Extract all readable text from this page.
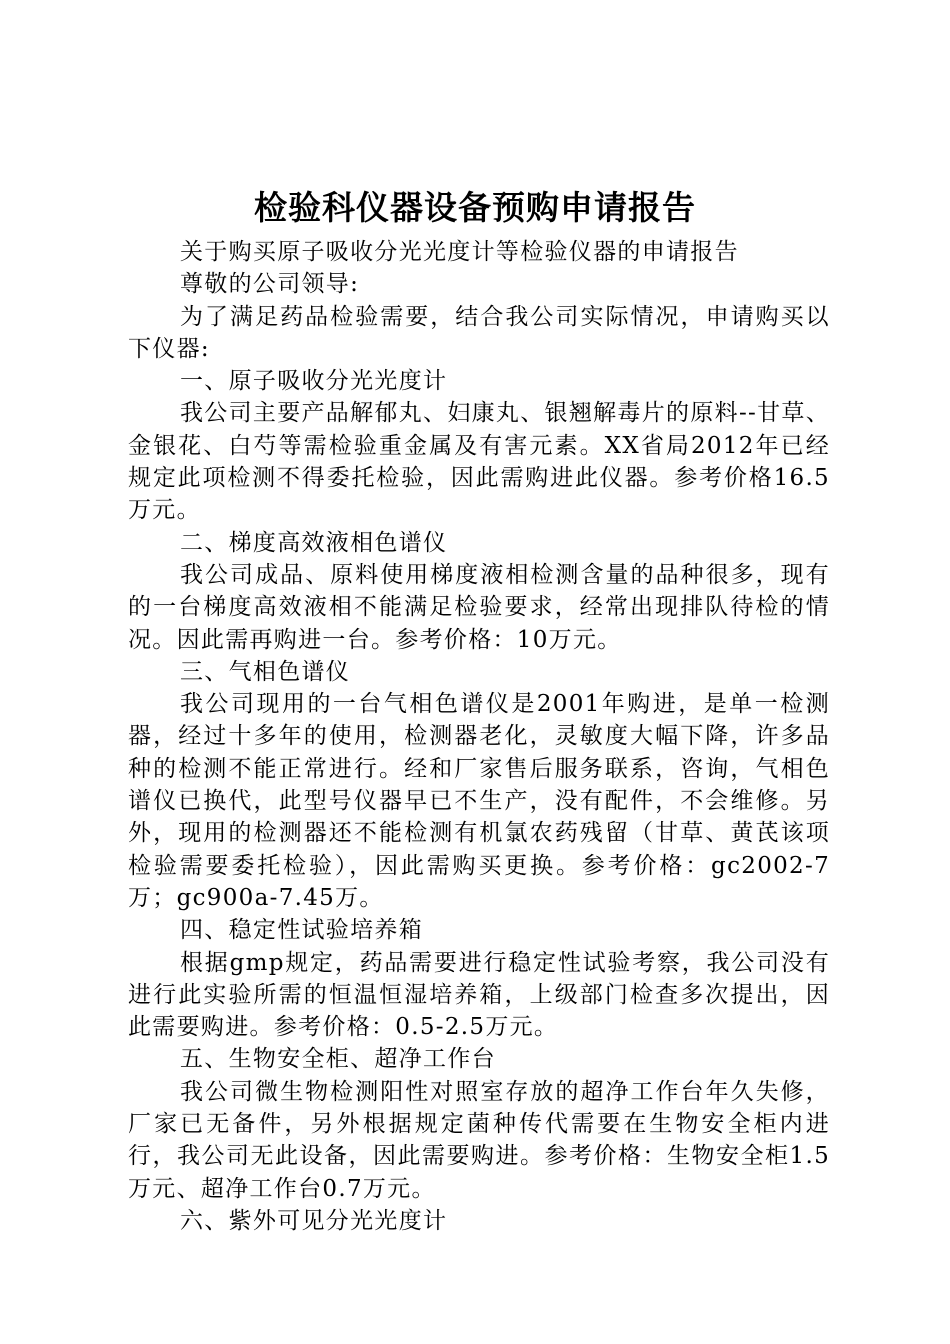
检验科仪器设备预购申请报告

关于购买原子吸收分光光度计等检验仪器的申请报告

尊敬的公司领导:

为了满足药品检验需要，结合我公司实际情况，申请购买以下仪器:

一、原子吸收分光光度计

我公司主要产品解郁丸、妇康丸、银翘解毒片的原料--甘草、金银花、白芍等需检验重金属及有害元素。XX省局2012年已经规定此项检测不得委托检验，因此需购进此仪器。参考价格16.5万元。

二、梯度高效液相色谱仪

我公司成品、原料使用梯度液相检测含量的品种很多，现有的一台梯度高效液相不能满足检验要求，经常出现排队待检的情况。因此需再购进一台。参考价格：10万元。

三、气相色谱仪

我公司现用的一台气相色谱仪是2001年购进，是单一检测器，经过十多年的使用，检测器老化，灵敏度大幅下降，许多品种的检测不能正常进行。经和厂家售后服务联系，咨询，气相色谱仪已换代，此型号仪器早已不生产，没有配件，不会维修。另外，现用的检测器还不能检测有机氯农药残留（甘草、黄芪该项检验需要委托检验），因此需购买更换。参考价格：gc2002-7万；gc900a-7.45万。

四、稳定性试验培养箱

根据gmp规定，药品需要进行稳定性试验考察，我公司没有进行此实验所需的恒温恒湿培养箱，上级部门检查多次提出，因此需要购进。参考价格：0.5-2.5万元。

五、生物安全柜、超净工作台

我公司微生物检测阳性对照室存放的超净工作台年久失修，厂家已无备件，另外根据规定菌种传代需要在生物安全柜内进行，我公司无此设备，因此需要购进。参考价格：生物安全柜1.5万元、超净工作台0.7万元。

六、紫外可见分光光度计
